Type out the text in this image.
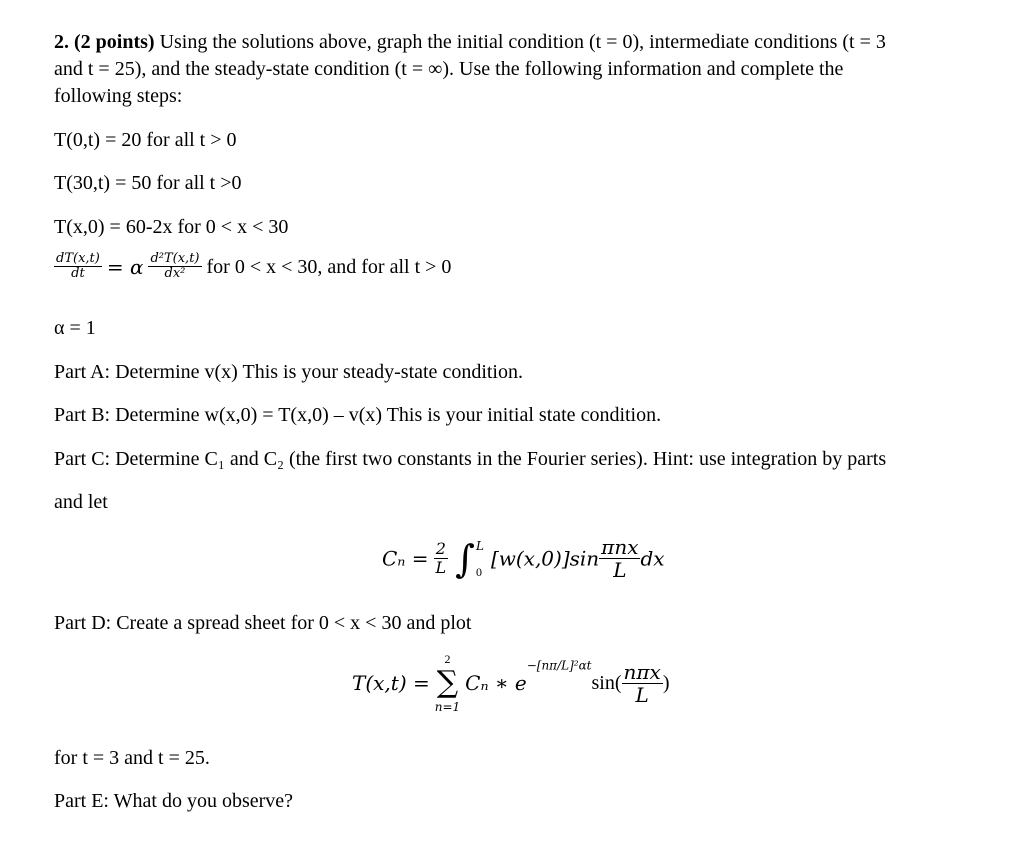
2. (2 points) Using the solutions above, graph the initial condition (t = 0), intermediate conditions (t = 3
and t = 25), and the steady-state condition (t = ∞). Use the following information and complete the
following steps:
T(0,t) = 20 for all t > 0
T(30,t) = 50 for all t >0
T(x,0) = 60-2x for 0 < x < 30
$\frac{dT(x,t)}{dt} = \alpha \frac{\text{d²T(x,t)}}{\text{dx²}}$ for 0 < x < 30, and for all t > 0
α = 1
Part A: Determine v(x) This is your steady-state condition.
Part B: Determine w(x,0) = T(x,0) – v(x) This is your initial state condition.
Part C: Determine C₁ and C₂ (the first two constants in the Fourier series). Hint: use integration by parts
and let
$C_n = \frac{2}{L}$
∫ L
0
$[w(x,0)]\sin \frac{\text{πnx}}{L}$ dx
Part D: Create a spread sheet for 0 < x < 30 and plot
T(x,t) =
2
∑
n=1
Cₙ ∗ $e^{-[n\pi/L]^2\alpha t}\sin( \frac{\text{nπx}}{L}$ )
for t = 3 and t = 25.
Part E: What do you observe?
